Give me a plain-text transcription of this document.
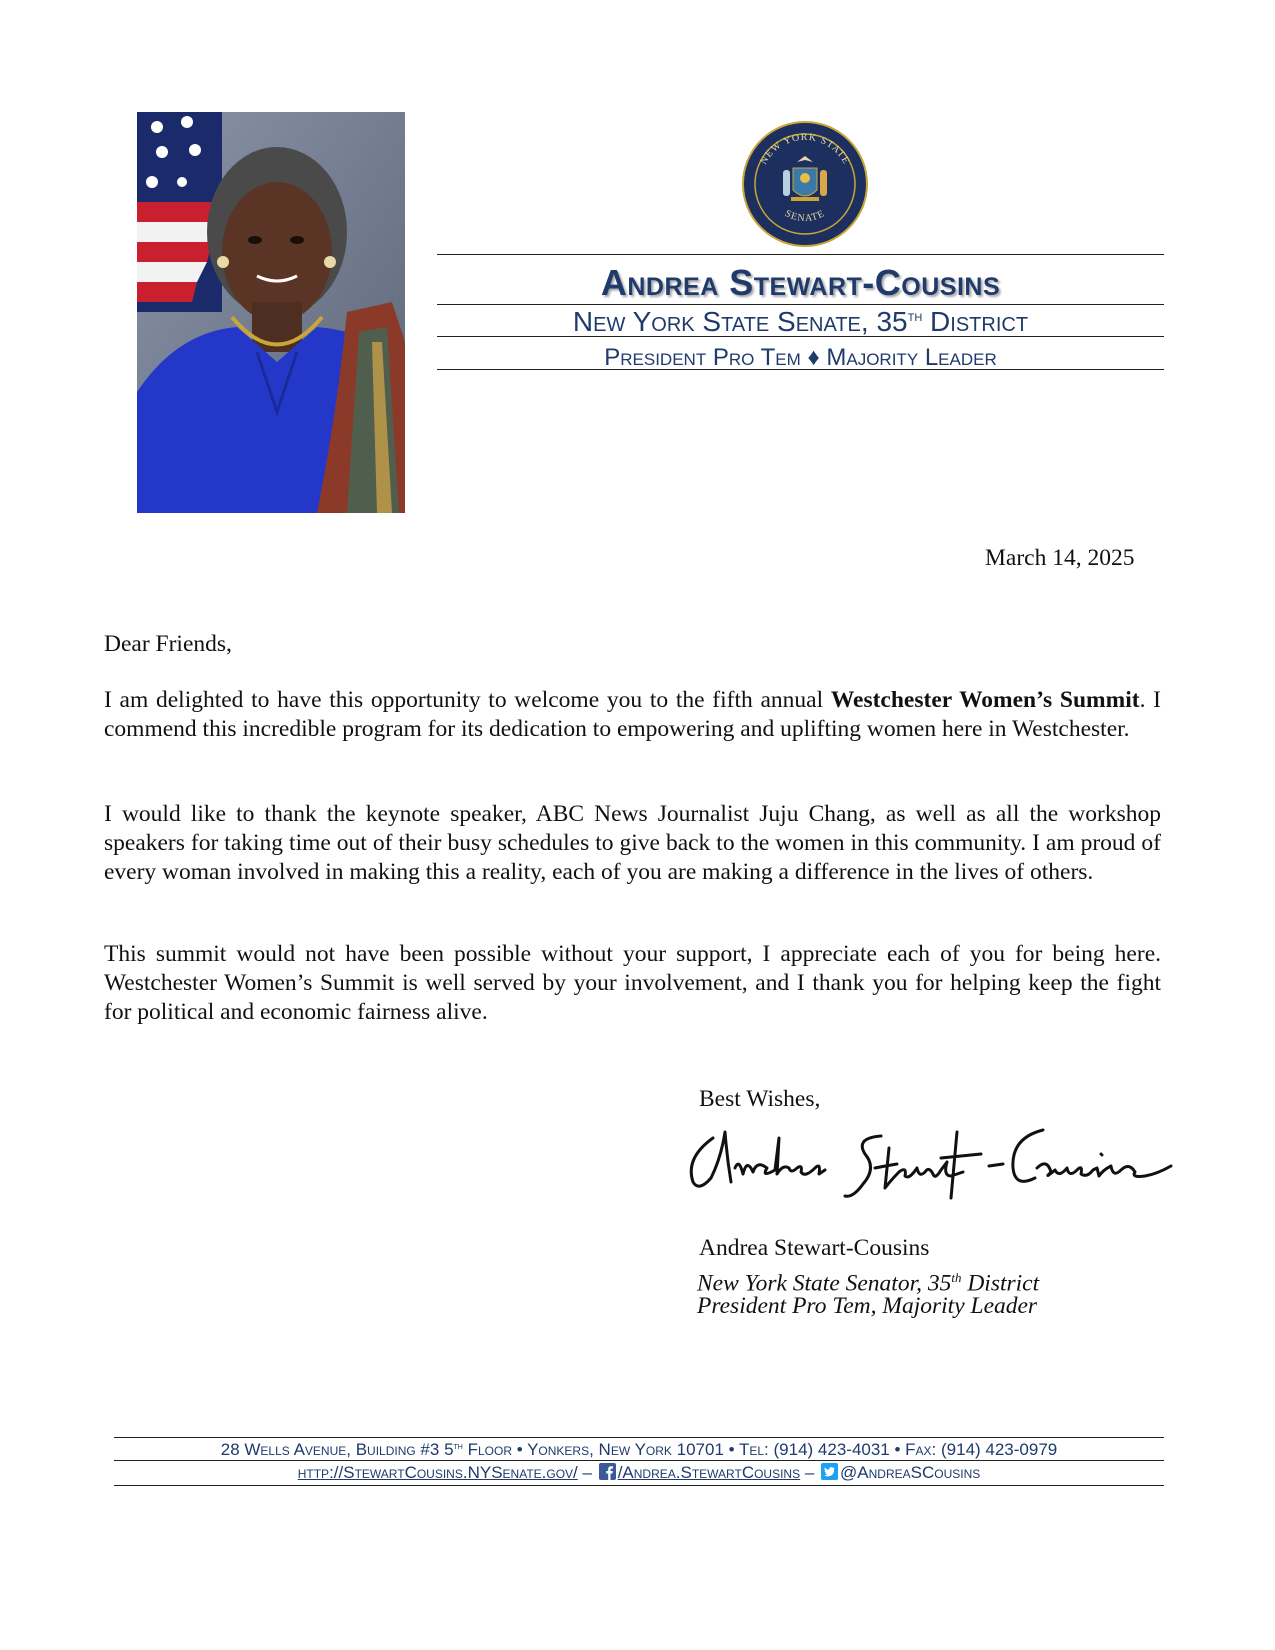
NEW YORK STATE
SENATE
Andrea Stewart-Cousins
New York State Senate, 35th District
President Pro Tem ♦ Majority Leader
March 14, 2025
Dear Friends,
I am delighted to have this opportunity to welcome you to the fifth annual Westchester Women’s Summit. I commend this incredible program for its dedication to empowering and uplifting women here in Westchester.
I would like to thank the keynote speaker, ABC News Journalist Juju Chang, as well as all the workshop speakers for taking time out of their busy schedules to give back to the women in this community. I am proud of every woman involved in making this a reality, each of you are making a difference in the lives of others.
This summit would not have been possible without your support, I appreciate each of you for being here. Westchester Women’s Summit is well served by your involvement, and I thank you for helping keep the fight for political and economic fairness alive.
Best Wishes,
Andrea Stewart-Cousins
New York State Senator, 35th District
President Pro Tem, Majority Leader
28 Wells Avenue, Building #3 5th Floor • Yonkers, New York 10701 • Tel: (914) 423-4031 • Fax: (914) 423-0979
http://StewartCousins.NYSenate.gov/ – /Andrea.StewartCousins – @AndreaSCousins
